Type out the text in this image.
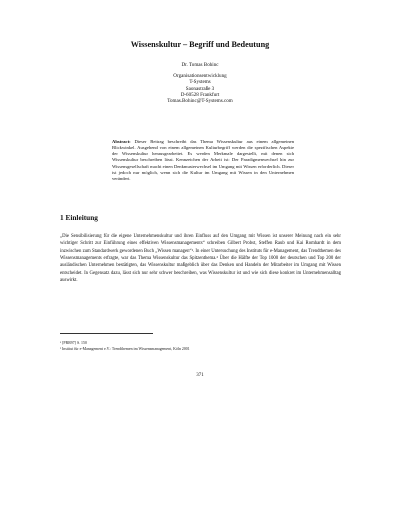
Wissenskultur – Begriff und Bedeutung
Dr. Tomas Bohinc
Organisationsentwicklung
T-Systems
Saonastraße 3
D-60528 Frankfurt
Tomas.Bohinc@T-Systems.com
Abstract: Dieser Beitrag beschreibt das Thema Wissenskultur aus einem allgemeinen Blickwinkel. Ausgehend von einem allgemeinen Kulturbegriff werden die spezifischen Aspekte der Wissenskultur herausgearbeitet. Es werden Merkmale dargestellt, mit denen sich Wissenskultur beschreiben lässt. Kennzeichen der Arbeit ist: Der Paradigmenwechsel hin zur Wissensgesellschaft macht einen Denkmusterwechsel im Umgang mit Wissen erforderlich. Dieser ist jedoch nur möglich, wenn sich die Kultur im Umgang mit Wissen in den Unternehmen verändert.
1 Einleitung
„Die Sensibilisierung für die eigene Unternehmenskultur und ihren Einfluss auf den Umgang mit Wissen ist unserer Meinung nach ein sehr wichtiger Schritt zur Einführung eines effektiven Wissensmanagements“ schreiben Gilbert Probst, Steffen Raub und Kai Romhardt in dem inzwischen zum Standardwerk gewordenen Buch „Wissen managen“¹. In einer Untersuchung des Instituts für e-Management, das Trendthemen des Wissensmanagements erfragte, war das Thema Wissenskultur das Spitzenthema.² Über die Hälfte der Top 1000 der deutschen und Top 200 der ausländischen Unternehmen bestätigten, das Wissenskultur maßgeblich über das Denken und Handeln der Mitarbeiter im Umgang mit Wissen entscheidet. In Gegensatz dazu, lässt sich nur sehr schwer beschreiben, was Wissenskultur ist und wie sich diese konkret im Unternehmensalltag auswirkt.
¹ [PRR97] S. 150
² Institut für e-Management e.V.: Trendthemen im Wissensmanagement, Köln 2001
371
